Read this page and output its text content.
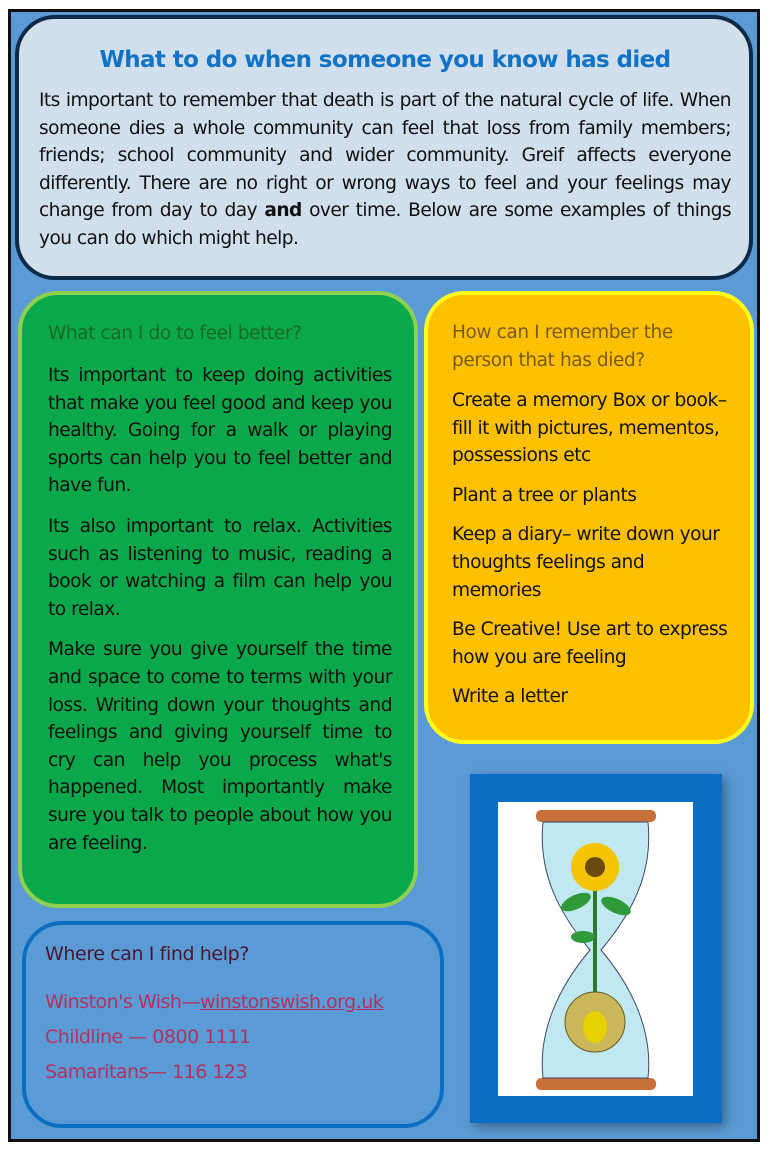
What to do when someone you know has died

Its important to remember that death is part of the natural cycle of life. When someone dies a whole community can feel that loss from family members; friends; school community and wider community. Greif affects everyone differently. There are no right or wrong ways to feel and your feelings may change from day to day and over time. Below are some examples of things you can do which might help.

What can I do to feel better?

Its important to keep doing activities that make you feel good and keep you healthy. Going for a walk or playing sports can help you to feel better and have fun.

Its also important to relax. Activities such as listening to music, reading a book or watching a film can help you to relax.

Make sure you give yourself the time and space to come to terms with your loss. Writing down your thoughts and feelings and giving yourself time to cry can help you process what's happened. Most importantly make sure you talk to people about how you are feeling.

How can I remember the person that has died?

Create a memory Box or book– fill it with pictures, mementos, possessions etc

Plant a tree or plants

Keep a diary– write down your thoughts feelings and memories

Be Creative! Use art to express how you are feeling

Write a letter

Where can I find help?

Winston's Wish—winstonswish.org.uk

Childline — 0800 1111

Samaritans— 116 123
